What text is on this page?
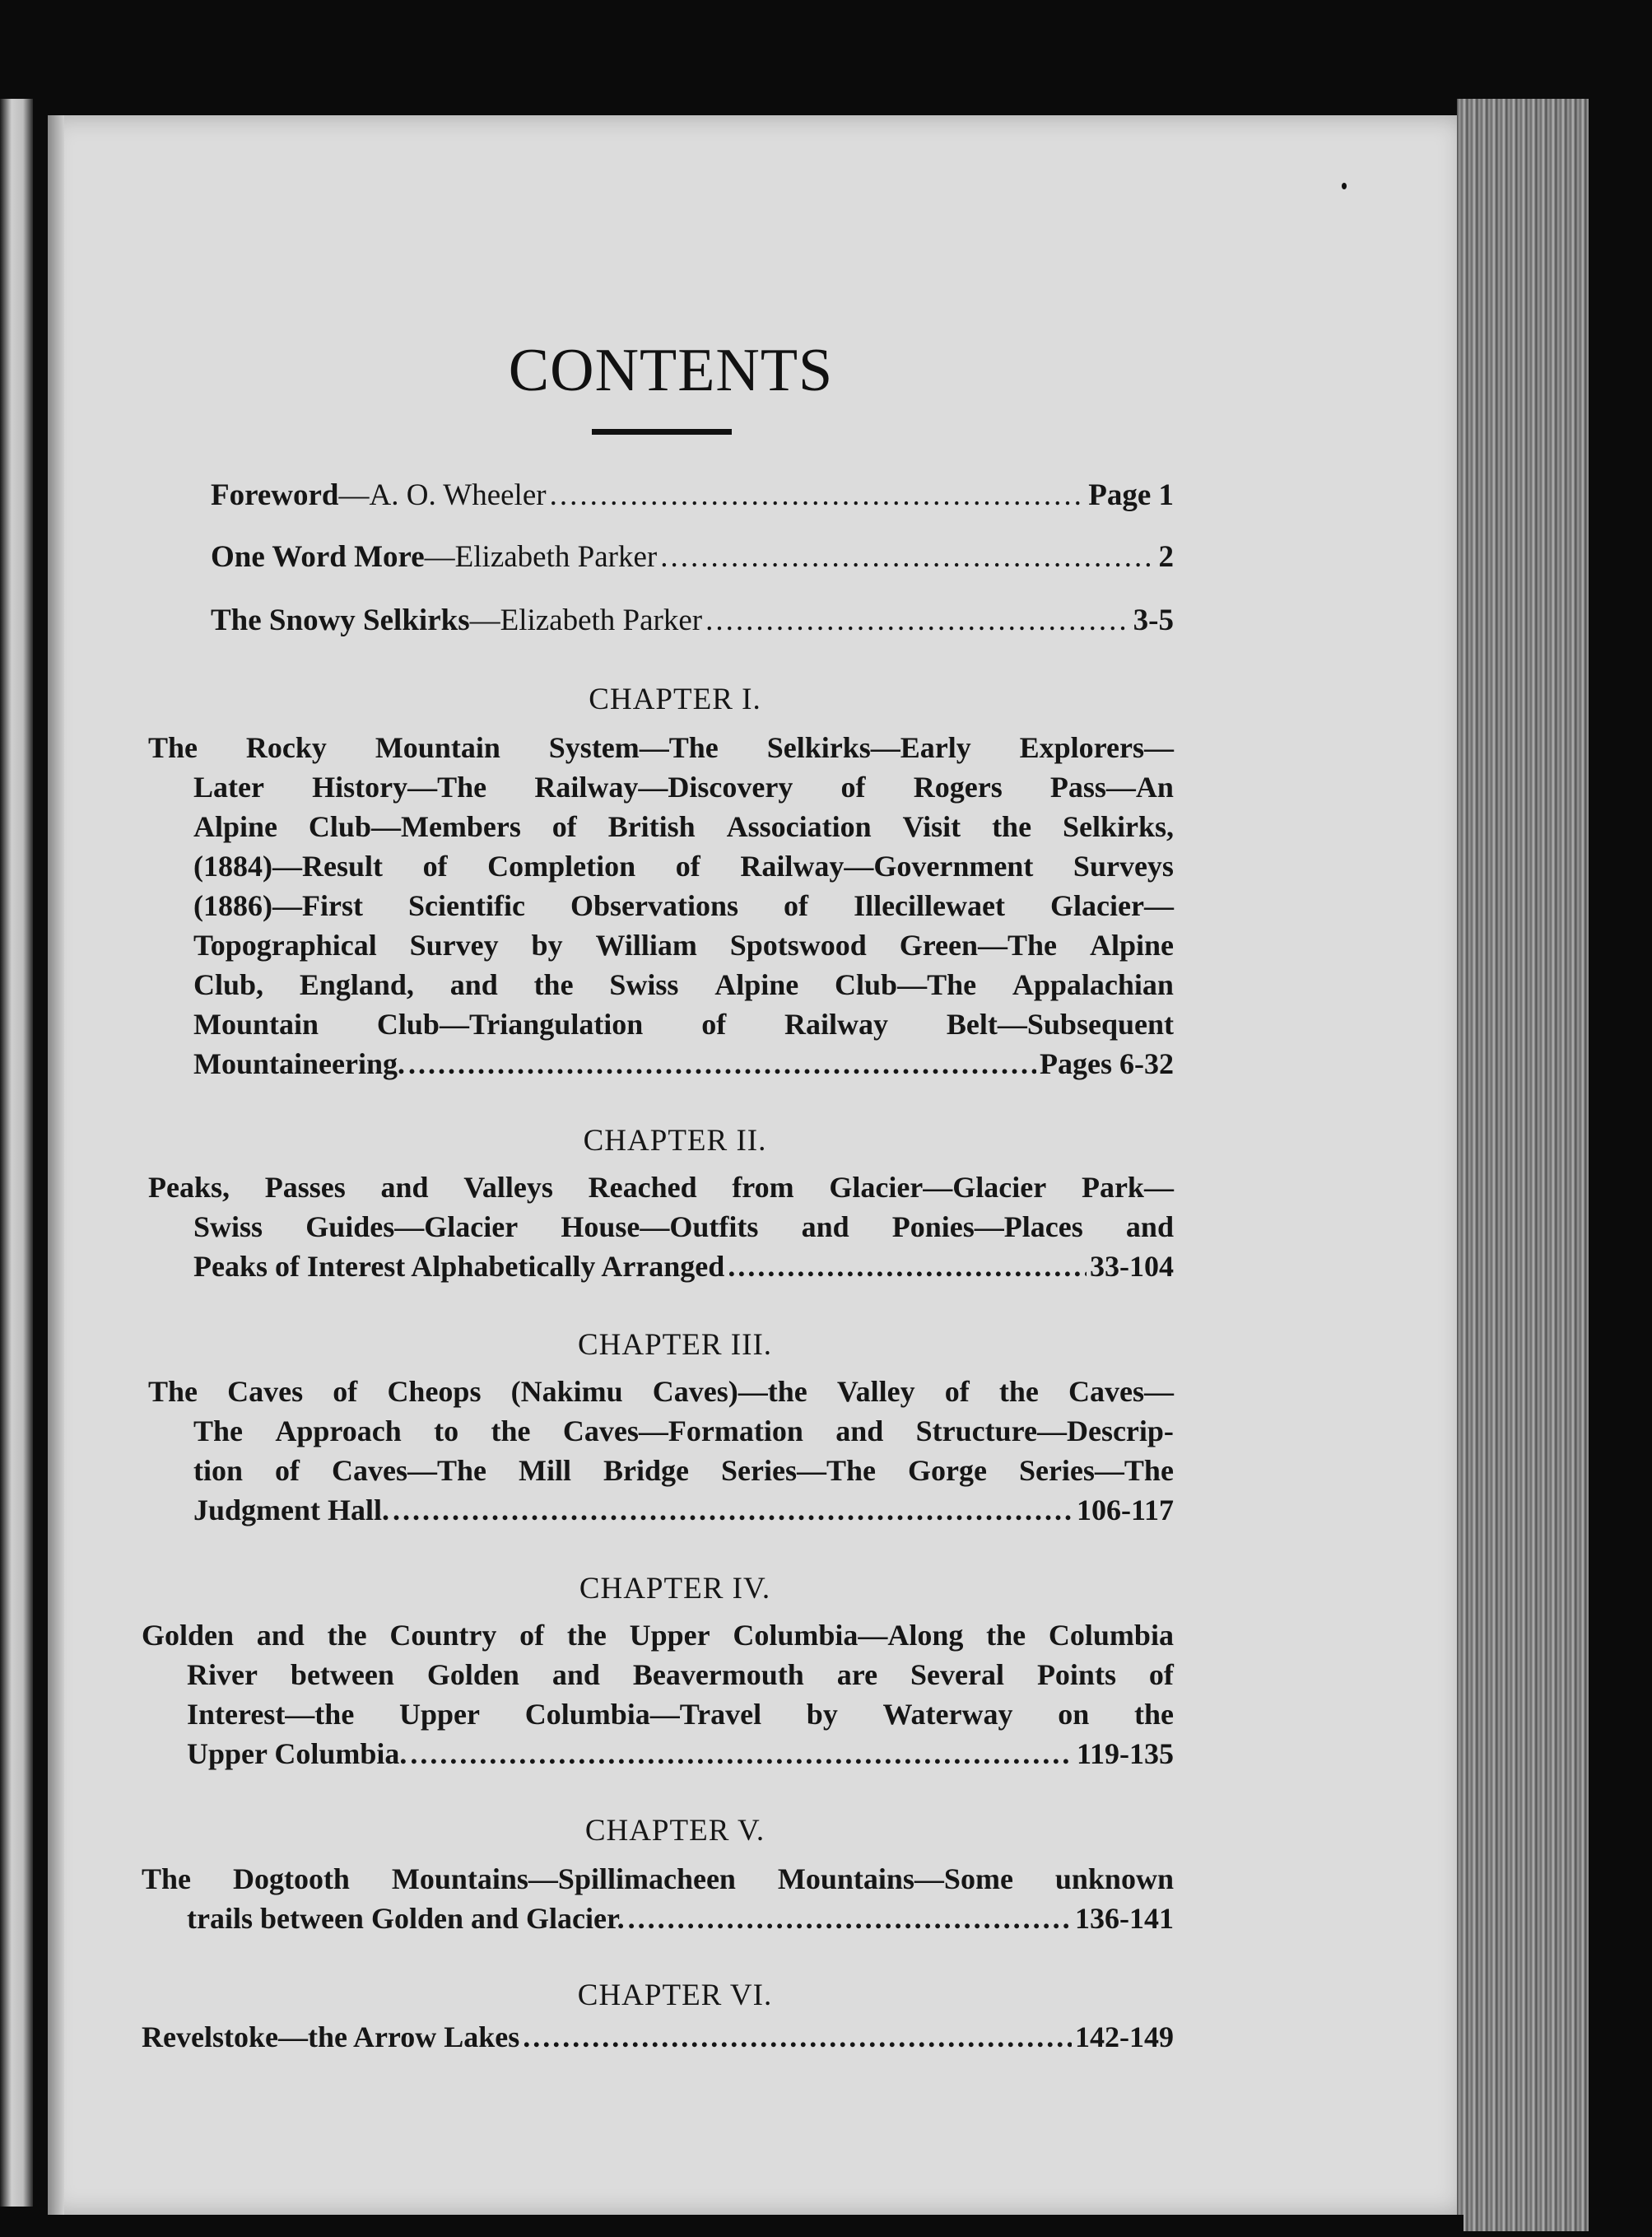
CONTENTS
Foreword —A. O. Wheeler .....	Page 1
One Word More —Elizabeth Parker .....	2
The Snowy Selkirks —Elizabeth Parker .....	3-5
CHAPTER I.
The Rocky Mountain System—The Selkirks—Early Explorers—
Later History—The Railway—Discovery of Rogers Pass—An
Alpine Club—Members of British Association Visit the Selkirks,
(1884)—Result of Completion of Railway—Government Surveys
(1886)—First Scientific Observations of Illecillewaet Glacier—
Topographical Survey by William Spotswood Green—The Alpine
Club, England, and the Swiss Alpine Club—The Appalachian
Mountain Club—Triangulation of Railway Belt—Subsequent
Mountaineering. .....	Pages 6-32
CHAPTER II.
Peaks, Passes and Valleys Reached from Glacier—Glacier Park—
Swiss Guides—Glacier House—Outfits and Ponies—Places and
Peaks of Interest Alphabetically Arranged .....	33-104
CHAPTER III.
The Caves of Cheops (Nakimu Caves)—the Valley of the Caves—
The Approach to the Caves—Formation and Structure—Descrip-
tion of Caves—The Mill Bridge Series—The Gorge Series—The
Judgment Hall. .....	106-117
CHAPTER IV.
Golden and the Country of the Upper Columbia—Along the Columbia
River between Golden and Beavermouth are Several Points of
Interest—the Upper Columbia—Travel by Waterway on the
Upper Columbia. .....	119-135
CHAPTER V.
The Dogtooth Mountains—Spillimacheen Mountains—Some unknown
trails between Golden and Glacier. .....	136-141
CHAPTER VI.
Revelstoke—the Arrow Lakes .....	142-149
